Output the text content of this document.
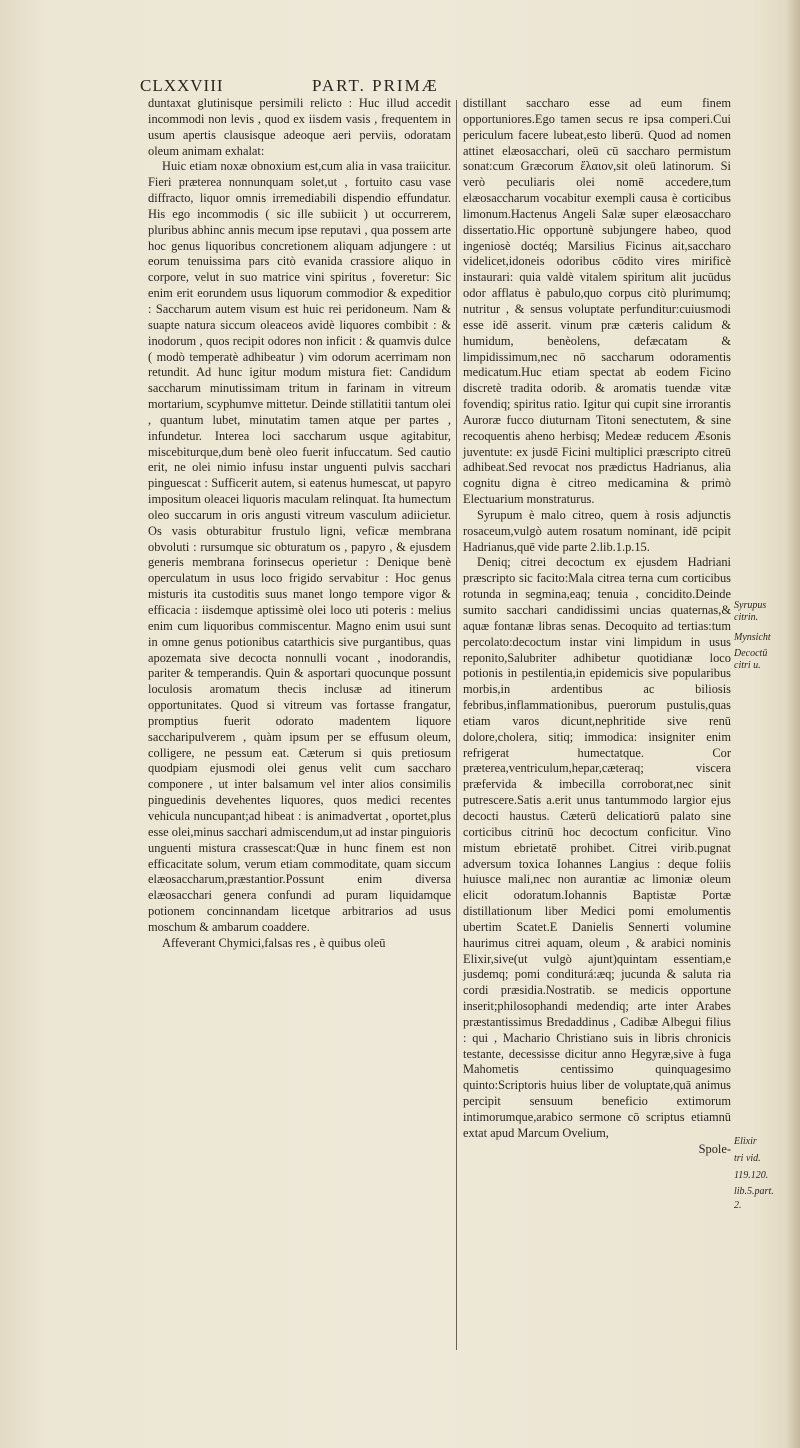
CLXXVIII	PART. PRIMÆ

duntaxat glutinisque persimili relicto : Huc illud accedit incommodi non levis , quod ex iisdem vasis , frequentem in usum apertis clausisque adeoque aeri perviis, odoratam oleum animam exhalat:

Huic etiam noxæ obnoxium est,cum alia in vasa traiicitur. Fieri præterea nonnunquam solet,ut , fortuito casu vase diffracto, liquor omnis irremediabili dispendio effundatur. His ego incommodis ( sic ille subiicit ) ut occurrerem, pluribus abhinc annis mecum ipse reputavi , qua possem arte hoc genus liquoribus concretionem aliquam adjungere : ut eorum tenuissima pars citò evanida crassiore aliquo in corpore, velut in suo matrice vini spiritus , foveretur: Sic enim erit eorundem usus liquorum commodior & expeditior : Saccharum autem visum est huic rei peridoneum. Nam & suapte natura siccum oleaceos avidè liquores combibit : & inodorum , quos recipit odores non inficit : & quamvis dulce ( modò temperatè adhibeatur ) vim odorum acerrimam non retundit. Ad hunc igitur modum mistura fiet: Candidum saccharum minutissimam tritum in farinam in vitreum mortarium, scyphumve mittetur. Deinde stillatitii tantum olei , quantum lubet, minutatim tamen atque per partes , infundetur. Interea loci saccharum usque agitabitur, miscebiturque,dum benè oleo fuerit infuccatum. Sed cautio erit, ne olei nimio infusu instar unguenti pulvis sacchari pinguescat : Sufficerit autem, si eatenus humescat, ut papyro impositum oleacei liquoris maculam relinquat. Ita humectum oleo succarum in oris angusti vitreum vasculum adiicietur. Os vasis obturabitur frustulo ligni, veficæ membrana obvoluti : rursumque sic obturatum os , papyro , & ejusdem generis membrana forinsecus operietur : Denique benè operculatum in usus loco frigido servabitur : Hoc genus misturis ita custoditis suus manet longo tempore vigor & efficacia : iisdemque aptissimè olei loco uti poteris : melius enim cum liquoribus commiscentur. Magno enim usui sunt in omne genus potionibus catarthicis sive purgantibus, quas apozemata sive decocta nonnulli vocant , inodorandis, pariter & temperandis. Quin & asportari quocunque possunt loculosis aromatum thecis inclusæ ad itinerum opportunitates. Quod si vitreum vas fortasse frangatur, promptius fuerit odorato madentem liquore saccharipulverem , quàm ipsum per se effusum oleum, colligere, ne pessum eat. Cæterum si quis pretiosum quodpiam ejusmodi olei genus velit cum saccharo componere , ut inter balsamum vel inter alios consimilis pinguedinis devehentes liquores, quos medici recentes vehicula nuncupant;ad hibeat : is animadvertat , oportet,plus esse olei,minus sacchari admiscendum,ut ad instar pinguioris unguenti mistura crassescat:Quæ in hunc finem est non efficacitate solum, verum etiam commoditate, quam siccum elæosaccharum,præstantior.Possunt enim diversa elæosacchari genera confundi ad puram liquidamque potionem concinnandam licetque arbitrarios ad usus moschum & ambarum coaddere.

Affeverant Chymici,falsas res , è quibus oleū

distillant saccharo esse ad eum finem opportuniores.Ego tamen secus re ipsa comperi.Cui periculum facere lubeat,esto liberū. Quod ad nomen attinet elæosacchari, oleū cū saccharo permistum sonat:cum Græcorum ἔλαιον,sit oleū latinorum. Si verò peculiaris olei nomē accedere,tum elæosaccharum vocabitur exempli causa è corticibus limonum.Hactenus Angeli Salæ super elæosaccharo dissertatio.Hic opportunè subjungere habeo, quod ingeniosè doctéq; Marsilius Ficinus ait,saccharo videlicet,idoneis odoribus cōdito vires mirificè instaurari: quia valdè vitalem spiritum alit jucūdus odor afflatus è pabulo,quo corpus citò plurimumq; nutritur , & sensus voluptate perfunditur:cuiusmodi esse idē asserit. vinum præ cæteris calidum & humidum, benèolens, defæcatam & limpidissimum,nec nō saccharum odoramentis medicatum.Huc etiam spectat ab eodem Ficino discretè tradita odorib. & aromatis tuendæ vitæ fovendiq; spiritus ratio. Igitur qui cupit sine irrorantis Auroræ fucco diuturnam Titoni senectutem, & sine recoquentis aheno herbisq; Medeæ reducem Æsonis juventute: ex jusdē Ficini multiplici præscripto citreū adhibeat.Sed revocat nos prædictus Hadrianus, alia cognitu digna è citreo medicamina & primò Electuarium monstraturus.

Syrupum è malo citreo, quem à rosis adjunctis rosaceum,vulgò autem rosatum nominant, idē pcipit Hadrianus,quē vide parte 2.lib.1.p.15.

Deniq; citrei decoctum ex ejusdem Hadriani præscripto sic facito:Mala citrea terna cum corticibus rotunda in segmina,eaq; tenuia , concidito.Deinde sumito sacchari candidissimi uncias quaternas,& aquæ fontanæ libras senas. Decoquito ad tertias:tum percolato:decoctum instar vini limpidum in usus reponito,Salubriter adhibetur quotidianæ loco potionis in pestilentia,in epidemicis sive popularibus morbis,in ardentibus ac biliosis febribus,inflammationibus, puerorum pustulis,quas etiam varos dicunt,nephritide sive renū dolore,cholera, sitiq; immodica: insigniter enim refrigerat humectatque. Cor præterea,ventriculum,hepar,cæteraq; viscera præfervida & imbecilla corroborat,nec sinit putrescere.Satis a.erit unus tantummodo largior ejus decocti haustus. Cæterū delicatiorū palato sine corticibus citrinū hoc decoctum conficitur. Vino mistum ebrietatē prohibet. Citrei virib.pugnat adversum toxica Iohannes Langius : deque foliis huiusce mali,nec non aurantiæ ac limoniæ oleum elicit odoratum.Iohannis Baptistæ Portæ distillationum liber Medici pomi emolumentis ubertim Scatet.E Danielis Sennerti volumine haurimus citrei aquam, oleum , & arabici nominis Elixir,sive(ut vulgò ajunt)quintam essentiam,e jusdemq; pomi conditurá:æq; jucunda & saluta ria cordi præsidia.Nostratib. se medicis opportune inserit;philosophandi medendiq; arte inter Arabes præstantissimus Bredaddinus , Cadibæ Albegui filius : qui , Machario Christiano suis in libris chronicis testante, decessisse dicitur anno Hegyræ,sive à fuga Mahometis centissimo quinquagesimo quinto:Scriptoris huius liber de voluptate,quā animus percipit sensuum beneficio extimorum intimorumque,arabico sermone cō scriptus etiamnū extat apud Marcum Ovelium,

Spole-

Syrupus
citrin.
Mynsicht
Decoctū
citri u.
Elixir
tri vid.
119.120.
lib.5.part.
2.
